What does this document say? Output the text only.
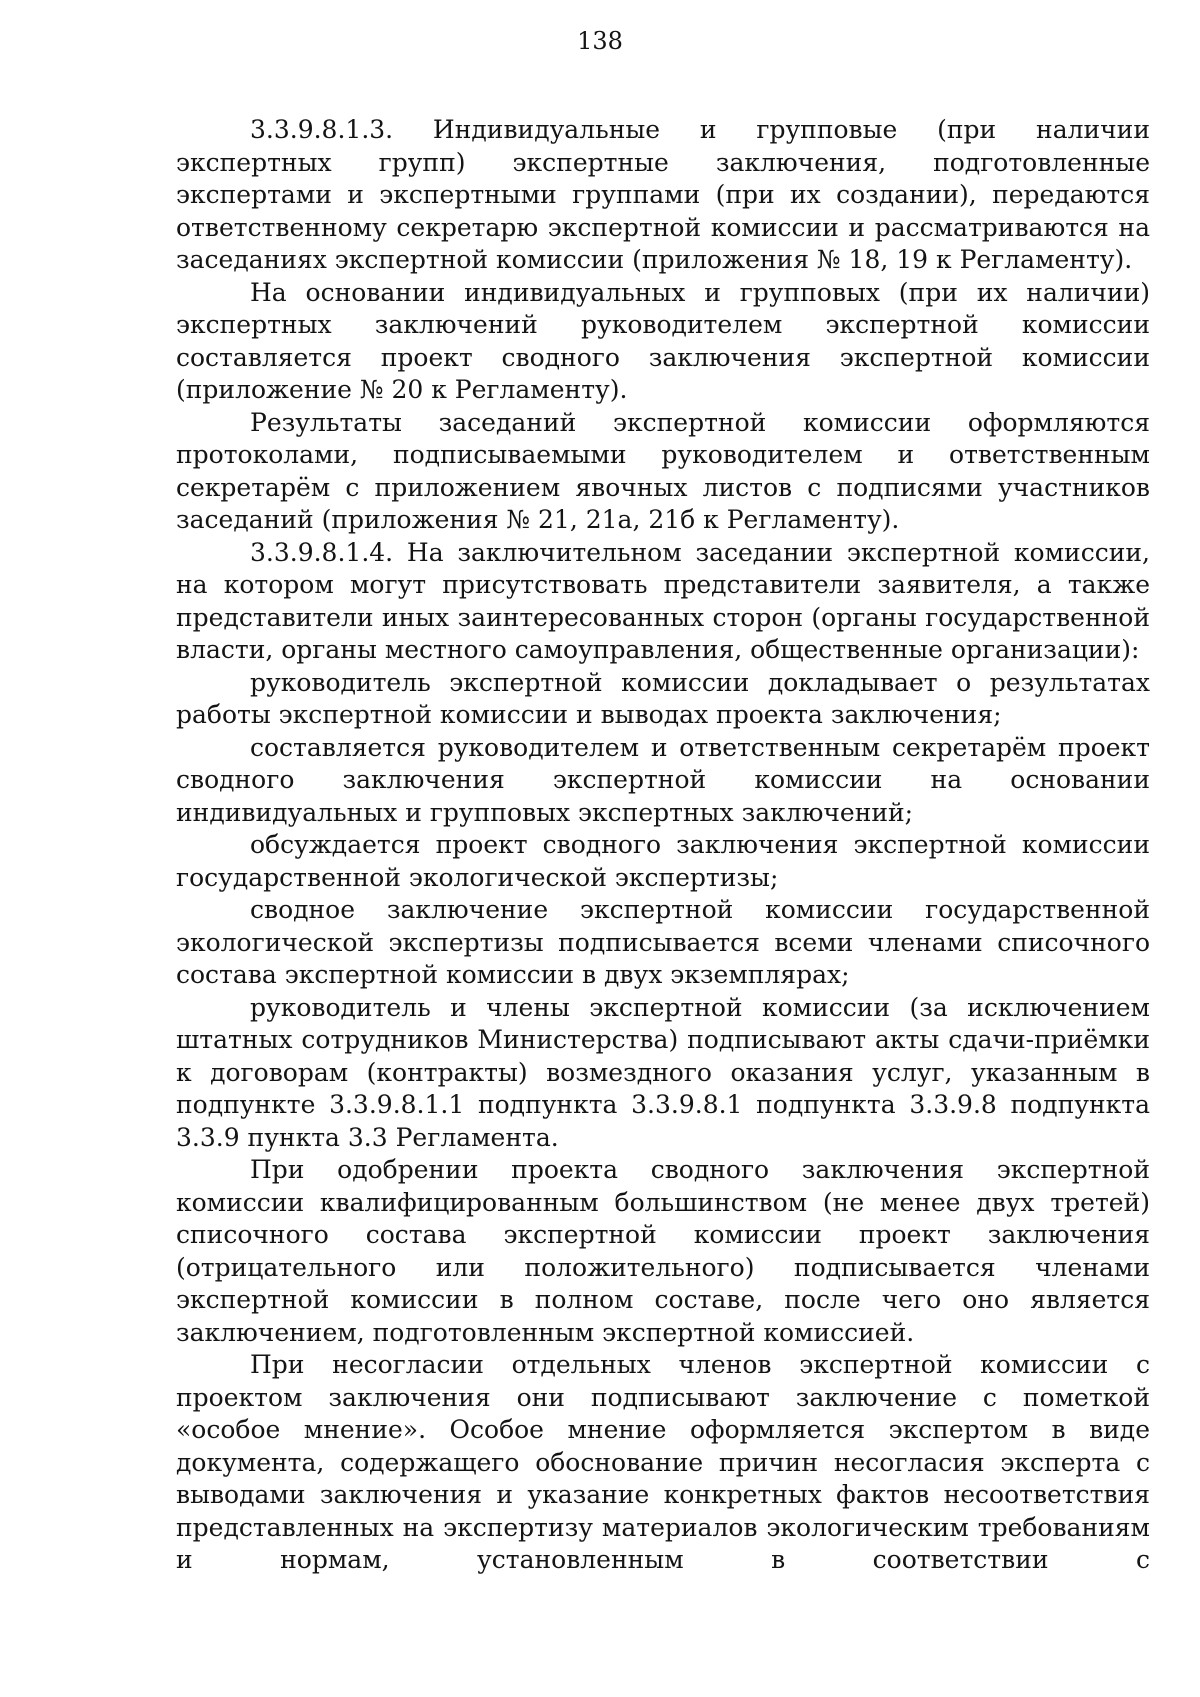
138

3.3.9.8.1.3. Индивидуальные и групповые (при наличии экспертных групп) экспертные заключения, подготовленные экспертами и экспертными группами (при их создании), передаются ответственному секретарю экспертной комиссии и рассматриваются на заседаниях экспертной комиссии (приложения № 18, 19 к Регламенту).

На основании индивидуальных и групповых (при их наличии) экспертных заключений руководителем экспертной комиссии составляется проект сводного заключения экспертной комиссии (приложение № 20 к Регламенту).

Результаты заседаний экспертной комиссии оформляются протоколами, подписываемыми руководителем и ответственным секретарём с приложением явочных листов с подписями участников заседаний (приложения № 21, 21а, 21б к Регламенту).

3.3.9.8.1.4. На заключительном заседании экспертной комиссии, на котором могут присутствовать представители заявителя, а также представители иных заинтересованных сторон (органы государственной власти, органы местного самоуправления, общественные организации):

руководитель экспертной комиссии докладывает о результатах работы экспертной комиссии и выводах проекта заключения;

составляется руководителем и ответственным секретарём проект сводного заключения экспертной комиссии на основании индивидуальных и групповых экспертных заключений;

обсуждается проект сводного заключения экспертной комиссии государственной экологической экспертизы;

сводное заключение экспертной комиссии государственной экологической экспертизы подписывается всеми членами списочного состава экспертной комиссии в двух экземплярах;

руководитель и члены экспертной комиссии (за исключением штатных сотрудников Министерства) подписывают акты сдачи-приёмки к договорам (контракты) возмездного оказания услуг, указанным в подпункте 3.3.9.8.1.1 подпункта 3.3.9.8.1 подпункта 3.3.9.8 подпункта 3.3.9 пункта 3.3 Регламента.

При одобрении проекта сводного заключения экспертной комиссии квалифицированным большинством (не менее двух третей) списочного состава экспертной комиссии проект заключения (отрицательного или положительного) подписывается членами экспертной комиссии в полном составе, после чего оно является заключением, подготовленным экспертной комиссией.

При несогласии отдельных членов экспертной комиссии с проектом заключения они подписывают заключение с пометкой «особое мнение». Особое мнение оформляется экспертом в виде документа, содержащего обоснование причин несогласия эксперта с выводами заключения и указание конкретных фактов несоответствия представленных на экспертизу материалов экологическим требованиям и нормам, установленным в соответствии с
